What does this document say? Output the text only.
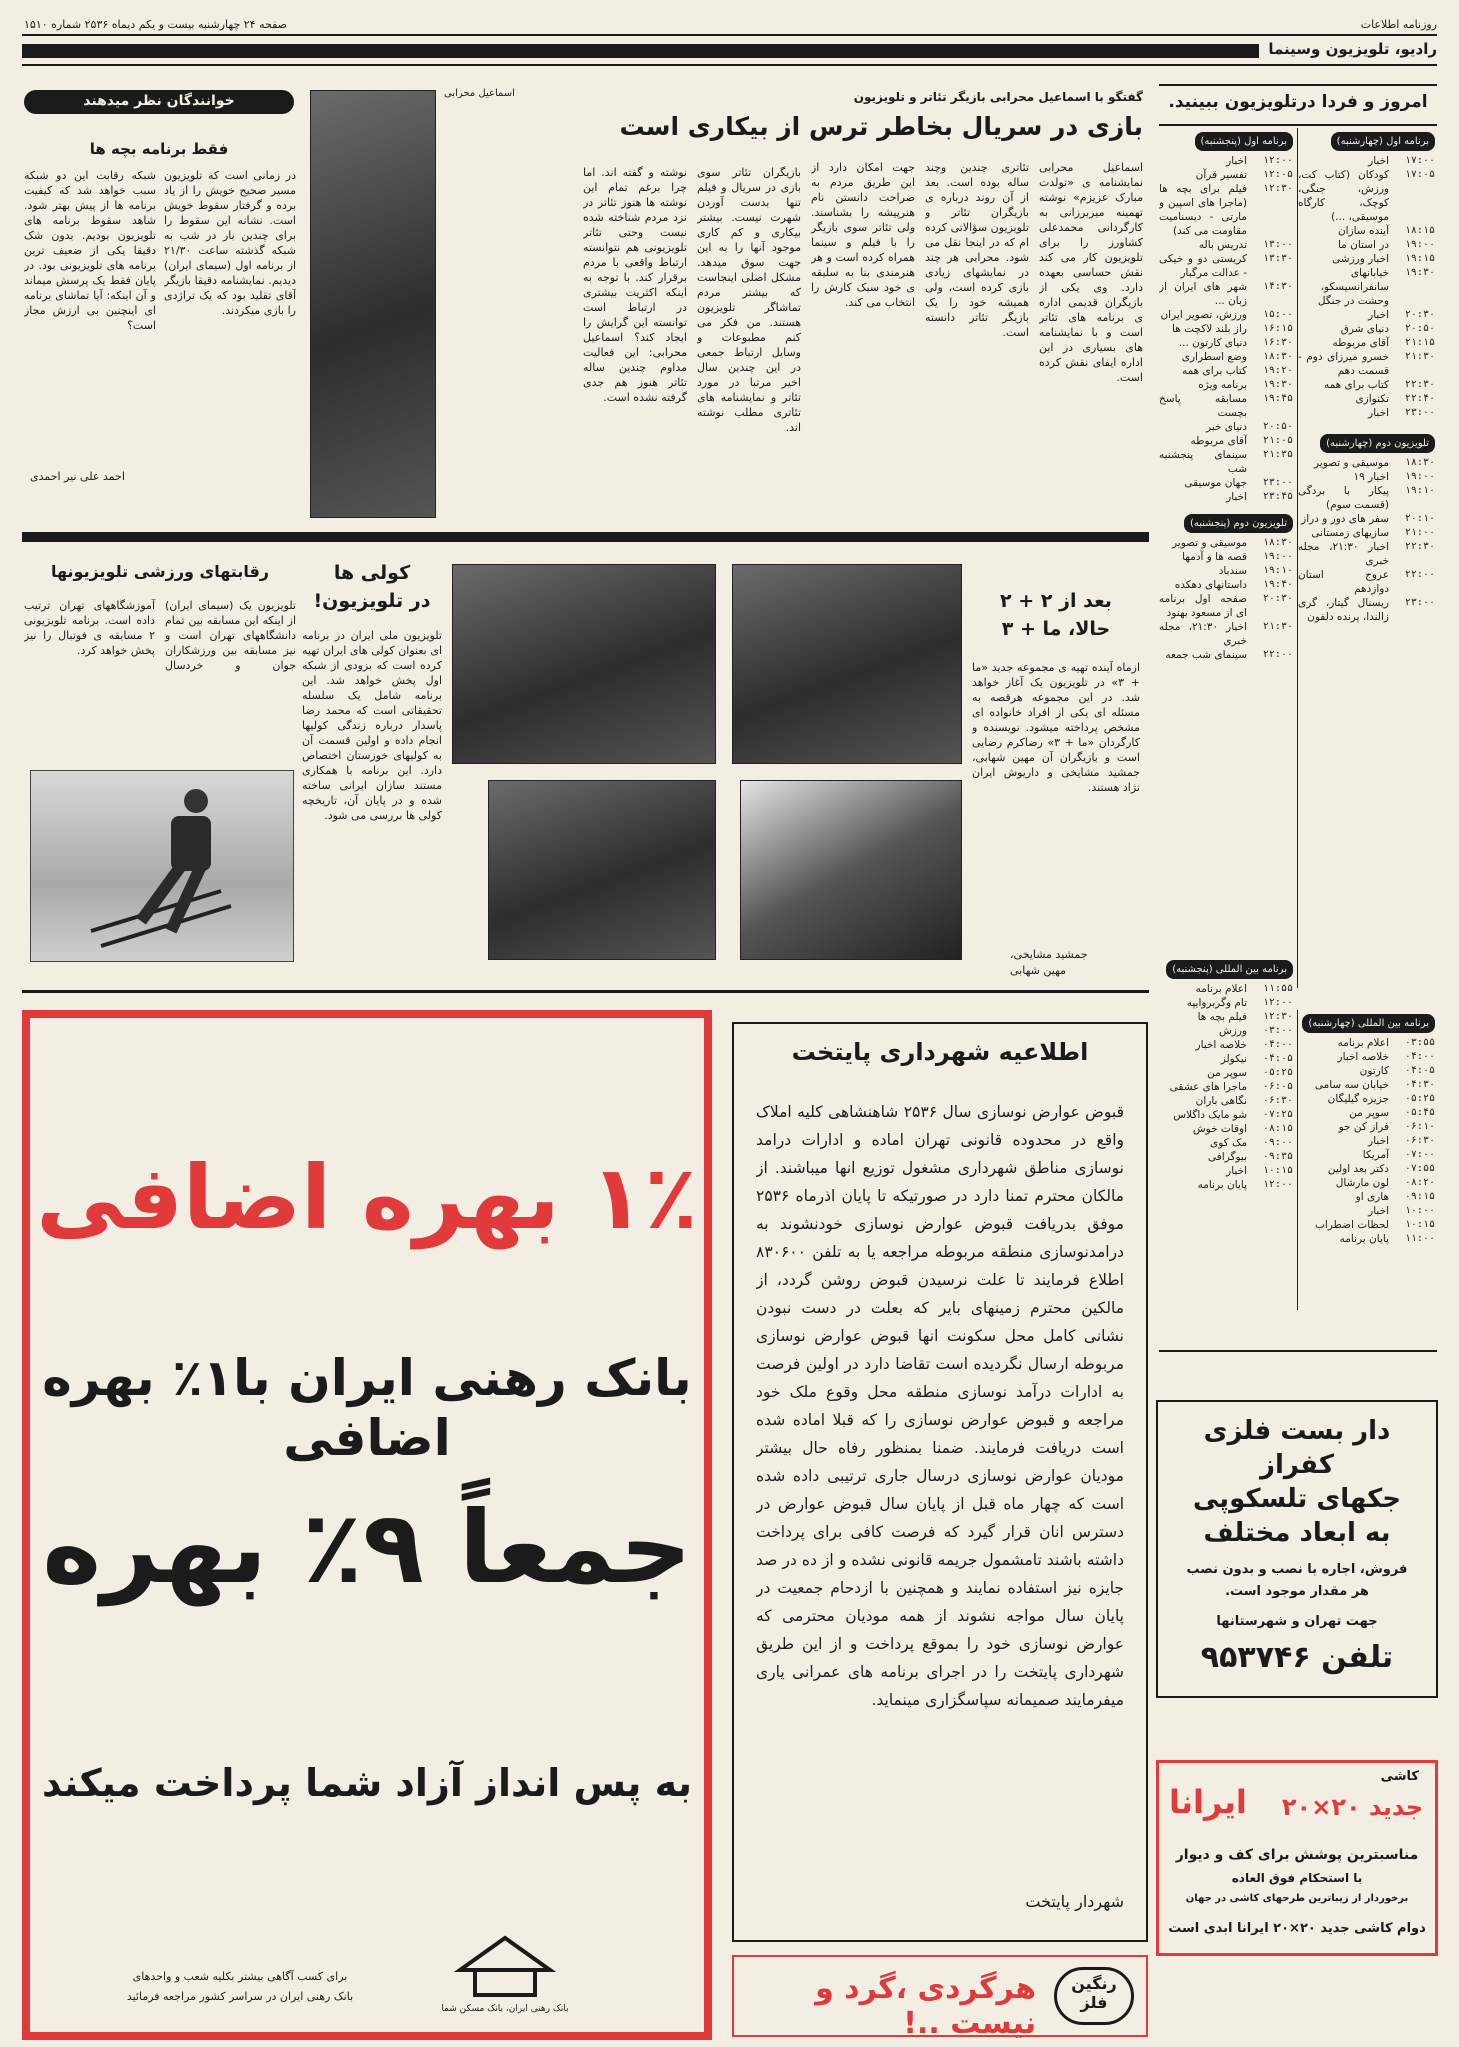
روزنامه اطلاعات
صفحه ۲۴ چهارشنبه بیست و یکم دیماه ۲۵۳۶ شماره ۱۵۱۰
رادیو، تلویزیون وسینما
امروز و فردا درتلویزیون ببینید.
برنامه اول (چهارشنبه)
۱۷:۰۰
اخبار
۱۷:۰۵
کودکان (کتاب کت، ورزش، جنگی، کوچک، کارگاه موسیقی، ...)
۱۸:۱۵
آینده سازان
۱۹:۰۰
در استان ما
۱۹:۱۵
اخبار ورزشی
۱۹:۳۰
خیابانهای سانفرانسیسکو، وحشت در جنگل
۲۰:۳۰
اخبار
۲۰:۵۰
دنیای شرق
۲۱:۱۵
آقای مربوطه
۲۱:۳۰
خسرو میرزای دوم - قسمت دهم
۲۲:۳۰
کتاب برای همه
۲۲:۴۰
تکنوازی
۲۳:۰۰
اخبار
تلویزیون دوم (چهارشنبه)
۱۸:۳۰
موسیقی و تصویر
۱۹:۰۰
اخبار ۱۹
۱۹:۱۰
پیکار با بردگی (قسمت سوم)
۲۰:۱۰
سفر های دور و دراز
۲۱:۰۰
سازیهای زمستانی
۲۲:۳۰
اخبار ۲۱:۳۰، مجله خبری
۲۲:۰۰
عروج استان دوازدهم
۲۳:۰۰
ریسنال گیتار، گری زالندا، پرنده دلفون
برنامه اول (پنجشنبه)
۱۲:۰۰
اخبار
۱۲:۰۵
تفسیر قرآن
۱۲:۳۰
فیلم برای بچه ها (ماجرا های اسپین و مارتی - دیسنامیت مقاومت می کند)
۱۳:۰۰
تدریس باله
۱۳:۳۰
کریستی دو و خیکی - عدالت مرگبار
۱۴:۳۰
شهر های ایران از زبان ...
۱۵:۰۰
ورزش، تصویر ایران
۱۶:۱۵
راز بلند لاکچت ها
۱۶:۳۰
دنیای کارتون ...
۱۸:۳۰
وضع اسطراری
۱۹:۲۰
کتاب برای همه
۱۹:۳۰
برنامه ویژه
۱۹:۴۵
مسابقه پاسخ بچست
۲۰:۵۰
دنیای خبر
۲۱:۰۵
آقای مربوطه
۲۱:۳۵
سینمای پنجشنبه شب
۲۳:۰۰
جهان موسیقی
۲۳:۴۵
اخبار
تلویزیون دوم (پنجشنبه)
۱۸:۳۰
موسیقی و تصویر
۱۹:۰۰
قصه ها و آدمها
۱۹:۱۰
سندباد
۱۹:۴۰
داستانهای دهکده
۲۰:۳۰
صفحه اول برنامه ای از مسعود بهنود
۲۱:۳۰
اخبار ۲۱:۳۰، مجله خبری
۲۲:۰۰
سینمای شب جمعه
برنامه بین المللی (پنجشنبه)
۱۱:۵۵
اعلام برنامه
۱۲:۰۰
تام وگربروایپه
۱۲:۳۰
فیلم بچه ها
۰۳:۰۰
ورزش
۰۴:۰۰
خلاصه اخبار
۰۴:۰۵
نیکولز
۰۵:۲۵
سوپر من
۰۶:۰۵
ماجرا های عشقی
۰۶:۳۰
نگاهی باران
۰۷:۲۵
شو مایک داگلاس
۰۸:۱۵
اوقات خوش
۰۹:۰۰
مک کوی
۰۹:۳۵
بیوگرافی
۱۰:۱۵
اخبار
۱۲:۰۰
پایان برنامه
برنامه بین المللی (چهارشنبه)
۰۳:۵۵
اعلام برنامه
۰۴:۰۰
خلاصه اخبار
۰۴:۰۵
کارتون
۰۴:۳۰
خیابان سه سامی
۰۵:۲۵
جزیره گیلیگان
۰۵:۴۵
سوپر من
۰۶:۱۰
فراز کن جو
۰۶:۳۰
اخبار
۰۷:۰۰
آمریکا
۰۷:۵۵
دکتر بعد اولین
۰۸:۲۰
لون مارشال
۰۹:۱۵
هاری او
۱۰:۰۰
اخبار
۱۰:۱۵
لحظات اضطراب
۱۱:۰۰
پایان برنامه
گفتگو با اسماعیل محرابی بازیگر تئاتر و تلویزیون
بازی در سریال بخاطر ترس از بیکاری است
اسماعیل محرابی نمایشنامه ی «تولدت مبارک عزیزم» نوشته تهمینه میربرزانی به کارگردانی محمدعلی کشاورز را برای تلویزیون کار می کند نقش حساسی بعهده دارد. وی یکی از بازیگران قدیمی اداره ی برنامه های تئاتر است و با نمایشنامه های بسیاری در این اداره ایفای نقش کرده است.
تئاتری چندین وچند ساله بوده است. بعد از آن روند درباره ی بازیگران تئاتر و تلویزیون سؤالاتی کرده ام که در اینجا نقل می شود. محرابی هر چند در نمایشهای زیادی بازی کرده است، ولی همیشه خود را یک بازیگر تئاتر دانسته است.
جهت امکان دارد از این طریق مردم به صراحت دانستن نام هنرپیشه را بشناسند. ولی تئاتر سوی بازیگر را با فیلم و سینما همراه کرده است و هر هنرمندی بنا به سلیقه ی خود سبک کارش را انتخاب می کند.
بازیگران تئاتر سوی بازی در سریال و فیلم تنها بدست آوردن شهرت نیست. بیشتر بیکاری و کم کاری موجود آنها را به این جهت سوق میدهد. مشکل اصلی اینجاست که بیشتر مردم تماشاگر تلویزیون هستند. من فکر می کنم مطبوعات و وسایل ارتباط جمعی در این چندین سال اخیر مرتبا در مورد تئاتر و نمایشنامه های تئاتری مطلب نوشته اند.
نوشته و گفته اند. اما چرا برغم تمام این نوشته ها هنوز تئاتر در نزد مردم شناخته شده نیست وحتی تئاتر تلویزیونی هم نتوانسته ارتباط واقعی با مردم برقرار کند. با توجه به اینکه اکثریت بیشتری در ارتباط است توانسته این گرایش را ایجاد کند؟ اسماعیل محرابی: این فعالیت مداوم چندین ساله تئاتر هنوز هم جدی گرفته نشده است.
اسماعیل محرابی
خوانندگان نظر میدهند
فقط برنامه بچه ها
در زمانی است که تلویزیون مسیر صحیح خویش را از یاد برده و گرفتار سقوط خویش است. نشانه این سقوط را برای چندین بار در شب به شبکه گذشته ساعت ۲۱/۳۰ از برنامه اول (سیمای ایران) دیدیم. نمایشنامه دقیقا بازیگر آقای تقلید بود که یک تراژدی را بازی میکردند.
شبکه رقابت این دو شبکه سبب خواهد شد که کیفیت برنامه ها از پیش بهتر شود. شاهد سقوط برنامه های تلویزیون بودیم. بدون شک دقیقا یکی از ضعیف ترین برنامه های تلویزیونی بود. در پایان فقط یک پرسش میماند و آن اینکه: آیا تماشای برنامه ای اینچنین بی ارزش مجاز است؟
احمد علی نیر احمدی
کولی ها
در تلویزیون!
تلویزیون ملی ایران در برنامه ای بعنوان کولی های ایران تهیه کرده است که بزودی از شبکه اول پخش خواهد شد. این برنامه شامل یک سلسله تحقیقاتی است که محمد رضا پاسدار درباره زندگی کولیها انجام داده و اولین قسمت آن به کولیهای خوزستان اختصاص دارد. این برنامه با همکاری مستند سازان ایرانی ساخته شده و در پایان آن، تاریخچه کولی ها بررسی می شود.
رقابتهای ورزشی تلویزیونها
تلویزیون یک (سیمای ایران) از اینکه این مسابقه بین تمام دانشگاههای تهران است و نیز مسابقه بین ورزشکاران جوان و خردسال آموزشگاههای تهران ترتیب داده است. برنامه تلویزیونی ۲ مسابقه ی فوتبال را نیز پخش خواهد کرد.
بعد از ۲ + ۲
حالا، ما + ۳
ازماه آینده تهیه ی مجموعه جدید «ما + ۳» در تلویزیون یک آغاز خواهد شد. در این مجموعه هرقصه به مسئله ای یکی از افراد خانواده ای مشخص پرداخته میشود. نویسنده و کارگردان «ما + ۳» رضاکرم رضایی است و بازیگران آن مهین شهابی، جمشید مشایخی و داریوش ایران نژاد هستند.
جمشید مشایخی،
مهین شهابی
۱٪ بهره اضافی
بانک رهنی ایران با۱٪ بهره اضافی
جمعاً ۹٪ بهره
به پس انداز آزاد شما پرداخت میکند
برای کسب آگاهی بیشتر بکلیه شعب و واحدهای
بانک رهنی ایران در سراسر کشور مراجعه فرمائید
بانک رهنی ایران، بانک مسکن شما
اطلاعیه شهرداری پایتخت
قبوض عوارض نوسازی سال ۲۵۳۶ شاهنشاهی کلیه املاک واقع در محدوده قانونی تهران اماده و ادارات درامد نوسازی مناطق شهرداری مشغول توزیع انها میباشند. از مالکان محترم تمنا دارد در صورتیکه تا پایان اذرماه ۲۵۳۶ موفق بدریافت قبوض عوارض نوسازی خودنشوند به درامدنوسازی منطقه مربوطه مراجعه یا به تلفن ۸۳۰۶۰۰ اطلاع فرمایند تا علت نرسیدن قبوض روشن گردد، از مالکین محترم زمینهای بایر که بعلت در دست نبودن نشانی کامل محل سکونت انها قبوض عوارض نوسازی مربوطه ارسال نگردیده است تقاضا دارد در اولین فرصت به ادارات درآمد نوسازی منطقه محل وقوع ملک خود مراجعه و قبوض عوارض نوسازی را که قبلا اماده شده است دریافت فرمایند. ضمنا بمنظور رفاه حال بیشتر مودیان عوارض نوسازی درسال جاری ترتیبی داده شده است که چهار ماه قبل از پایان سال قبوض عوارض در دسترس انان قرار گیرد که فرصت کافی برای پرداخت داشته باشند تامشمول جریمه قانونی نشده و از ده در صد جایزه نیز استفاده نمایند و همچنین با ازدحام جمعیت در پایان سال مواجه نشوند از همه مودیان محترمی که عوارض نوسازی خود را بموقع پرداخت و از این طریق شهرداری پایتخت را در اجرای برنامه های عمرانی یاری میفرمایند صمیمانه سپاسگزاری مینماید.
شهردار پایتخت
دار بست فلزی
کفراز
جکهای تلسکوپی
به ابعاد مختلف
فروش، اجاره با نصب و بدون نصب
هر مقدار موجود است.
جهت تهران و شهرستانها
تلفن ۹۵۳۷۴۶
کاشی
جدید ۲۰×۲۰
ایرانا
مناسبترین پوشش برای کف و دیوار
با استحکام فوق العاده
برخوردار از زیباترین طرحهای کاشی در جهان
دوام کاشی جدید ۲۰×۲۰ ایرانا ابدی است
هرگردی ،گرد و نیست ..!
رنگین
فلز
